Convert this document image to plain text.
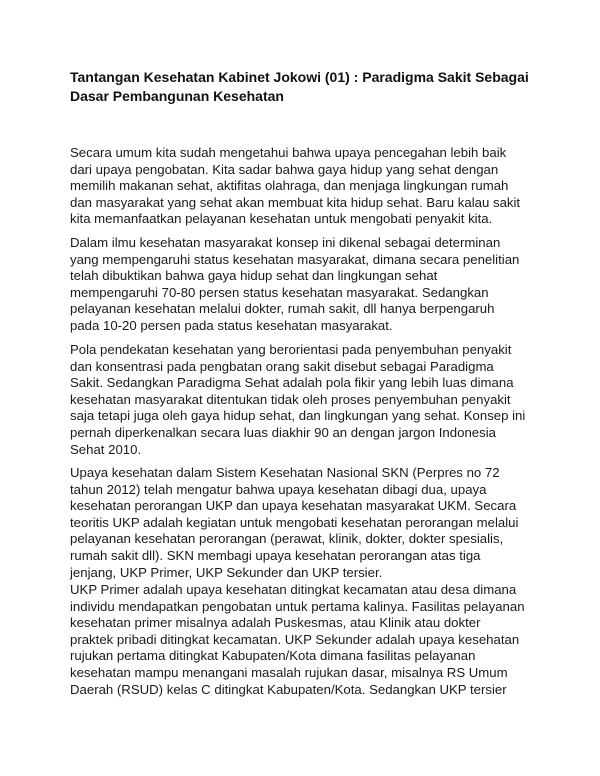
Tantangan Kesehatan Kabinet Jokowi (01) : Paradigma Sakit Sebagai
Dasar Pembangunan Kesehatan

Secara umum kita sudah mengetahui bahwa upaya pencegahan lebih baik
dari upaya pengobatan. Kita sadar bahwa gaya hidup yang sehat dengan
memilih makanan sehat, aktifitas olahraga, dan menjaga lingkungan rumah
dan masyarakat yang sehat akan membuat kita hidup sehat. Baru kalau sakit
kita memanfaatkan pelayanan kesehatan untuk mengobati penyakit kita.

Dalam ilmu kesehatan masyarakat konsep ini dikenal sebagai determinan
yang mempengaruhi status kesehatan masyarakat, dimana secara penelitian
telah dibuktikan bahwa gaya hidup sehat dan lingkungan sehat
mempengaruhi 70-80 persen status kesehatan masyarakat. Sedangkan
pelayanan kesehatan melalui dokter, rumah sakit, dll hanya berpengaruh
pada 10-20 persen pada status kesehatan masyarakat.

Pola pendekatan kesehatan yang berorientasi pada penyembuhan penyakit
dan konsentrasi pada pengbatan orang sakit disebut sebagai Paradigma
Sakit. Sedangkan Paradigma Sehat adalah pola fikir yang lebih luas dimana
kesehatan masyarakat ditentukan tidak oleh proses penyembuhan penyakit
saja tetapi juga oleh gaya hidup sehat, dan lingkungan yang sehat. Konsep ini
pernah diperkenalkan secara luas diakhir 90 an dengan jargon Indonesia
Sehat 2010.

Upaya kesehatan dalam Sistem Kesehatan Nasional SKN (Perpres no 72
tahun 2012) telah mengatur bahwa upaya kesehatan dibagi dua, upaya
kesehatan perorangan UKP dan upaya kesehatan masyarakat UKM. Secara
teoritis UKP adalah kegiatan untuk mengobati kesehatan perorangan melalui
pelayanan kesehatan perorangan (perawat, klinik, dokter, dokter spesialis,
rumah sakit dll). SKN membagi upaya kesehatan perorangan atas tiga
jenjang, UKP Primer, UKP Sekunder dan UKP tersier.

UKP Primer adalah upaya kesehatan ditingkat kecamatan atau desa dimana
individu mendapatkan pengobatan untuk pertama kalinya. Fasilitas pelayanan
kesehatan primer misalnya adalah Puskesmas, atau Klinik atau dokter
praktek pribadi ditingkat kecamatan. UKP Sekunder adalah upaya kesehatan
rujukan pertama ditingkat Kabupaten/Kota dimana fasilitas pelayanan
kesehatan mampu menangani masalah rujukan dasar, misalnya RS Umum
Daerah (RSUD) kelas C ditingkat Kabupaten/Kota. Sedangkan UKP tersier
